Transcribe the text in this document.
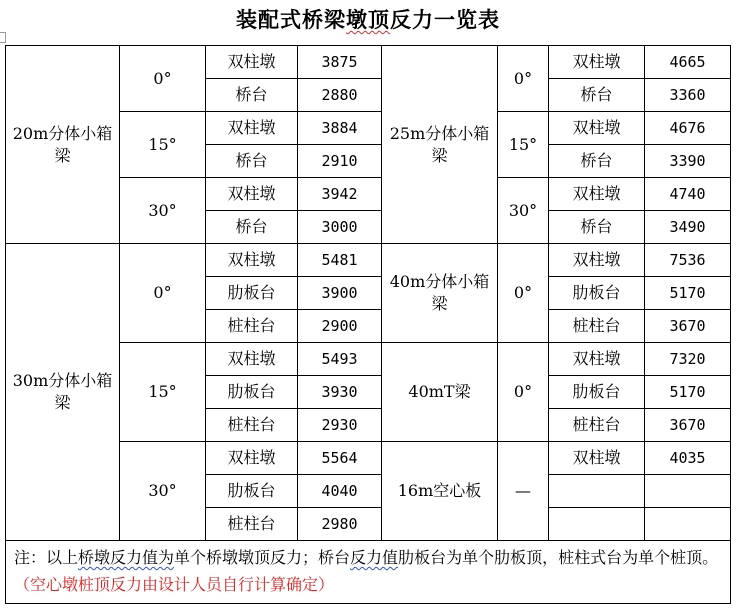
装配式桥梁墩顶反力一览表
20m分体小箱梁	0°	双柱墩	3875	25m分体小箱梁	0°	双柱墩	4665
		桥台	2880			桥台	3360
	15°	双柱墩	3884		15°	双柱墩	4676
		桥台	2910			桥台	3390
	30°	双柱墩	3942		30°	双柱墩	4740
		桥台	3000			桥台	3490
30m分体小箱梁	0°	双柱墩	5481	40m分体小箱梁	0°	双柱墩	7536
		肋板台	3900			肋板台	5170
		桩柱台	2900			桩柱台	3670
	15°	双柱墩	5493	40mT梁	0°	双柱墩	7320
		肋板台	3930			肋板台	5170
		桩柱台	2930			桩柱台	3670
	30°	双柱墩	5564	16m空心板	—	双柱墩	4035
		肋板台	4040				
		桩柱台	2980				
注：以上桥墩反力值为单个桥墩墩顶反力；桥台反力值肋板台为单个肋板顶，桩柱式台为单个桩顶。（空心墩桩顶反力由设计人员自行计算确定）							
